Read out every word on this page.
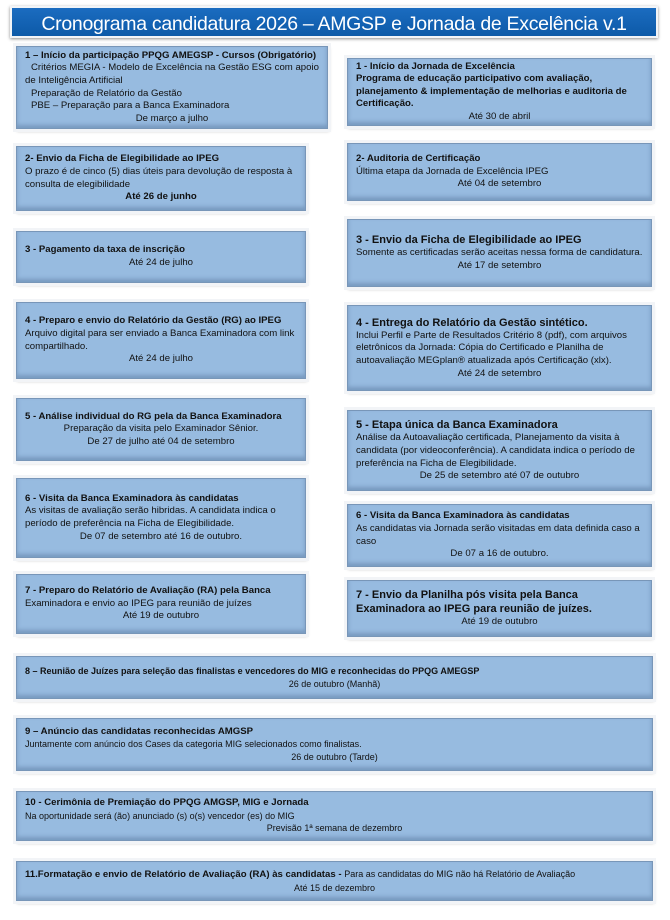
Cronograma candidatura 2026 – AMGSP e Jornada de Excelência v.1
1 – Início da participação PPQG AMEGSP - Cursos (Obrigatório)
Critérios MEGIA - Modelo de Excelência na Gestão ESG com apoio
de Inteligência Artificial
Preparação de Relatório da Gestão
PBE – Preparação para a Banca Examinadora
De março a julho
2- Envio da Ficha de Elegibilidade ao IPEG
O prazo é de cinco (5) dias úteis para devolução de resposta à consulta de elegibilidade
Até 26 de junho
3 - Pagamento da taxa de inscrição
Até 24 de julho
4 - Preparo e envio do Relatório da Gestão (RG) ao IPEG
Arquivo digital para ser enviado a Banca Examinadora com link compartilhado.
Até 24 de julho
5 - Análise individual do RG pela da Banca Examinadora
Preparação da visita pelo Examinador Sênior.
De 27 de julho até 04 de setembro
6 - Visita da Banca Examinadora às candidatas
As visitas de avaliação serão hibridas. A candidata indica o período de preferência na Ficha de Elegibilidade.
De 07 de setembro até 16 de outubro.
7 - Preparo do Relatório de Avaliação (RA) pela Banca
Examinadora e envio ao IPEG para reunião de juízes
Até 19 de outubro
1 - Início da Jornada de Excelência
Programa de educação participativo com avaliação, planejamento & implementação de melhorias e auditoria de Certificação.
Até 30 de abril
2- Auditoria de Certificação
Última etapa da Jornada de Excelência IPEG
Até 04 de setembro
3 - Envio da Ficha de Elegibilidade ao IPEG
Somente as certificadas serão aceitas nessa forma de candidatura.
Até 17 de setembro
4 - Entrega do Relatório da Gestão sintético.
Inclui Perfil e Parte de Resultados Critério 8 (pdf), com arquivos eletrônicos da Jornada: Cópia do Certificado e Planilha de autoavaliação MEGplan® atualizada após Certificação (xlx).
Até 24 de setembro
5 - Etapa única da Banca Examinadora
Análise da Autoavaliação certificada, Planejamento da visita à candidata (por videoconferência). A candidata indica o período de preferência na Ficha de Elegibilidade.
De 25 de setembro até 07 de outubro
6 - Visita da Banca Examinadora às candidatas
As candidatas via Jornada serão visitadas em data definida caso a caso
De 07 a 16 de outubro.
7 - Envio da Planilha pós visita pela Banca Examinadora ao IPEG para reunião de juízes.
Até 19 de outubro
8 – Reunião de Juízes para seleção das finalistas e vencedores do MIG e reconhecidas do PPQG AMEGSP
26 de outubro (Manhã)
9 – Anúncio das candidatas reconhecidas AMGSP
Juntamente com anúncio dos Cases da categoria MIG selecionados como finalistas.
26 de outubro (Tarde)
10 - Cerimônia de Premiação do PPQG AMGSP, MIG e Jornada
Na oportunidade será (ão) anunciado (s) o(s) vencedor (es) do MIG
Previsão 1ª semana de dezembro
11.Formatação e envio de Relatório de Avaliação (RA) às candidatas - Para as candidatas do MIG não há Relatório de Avaliação
Até 15 de dezembro
